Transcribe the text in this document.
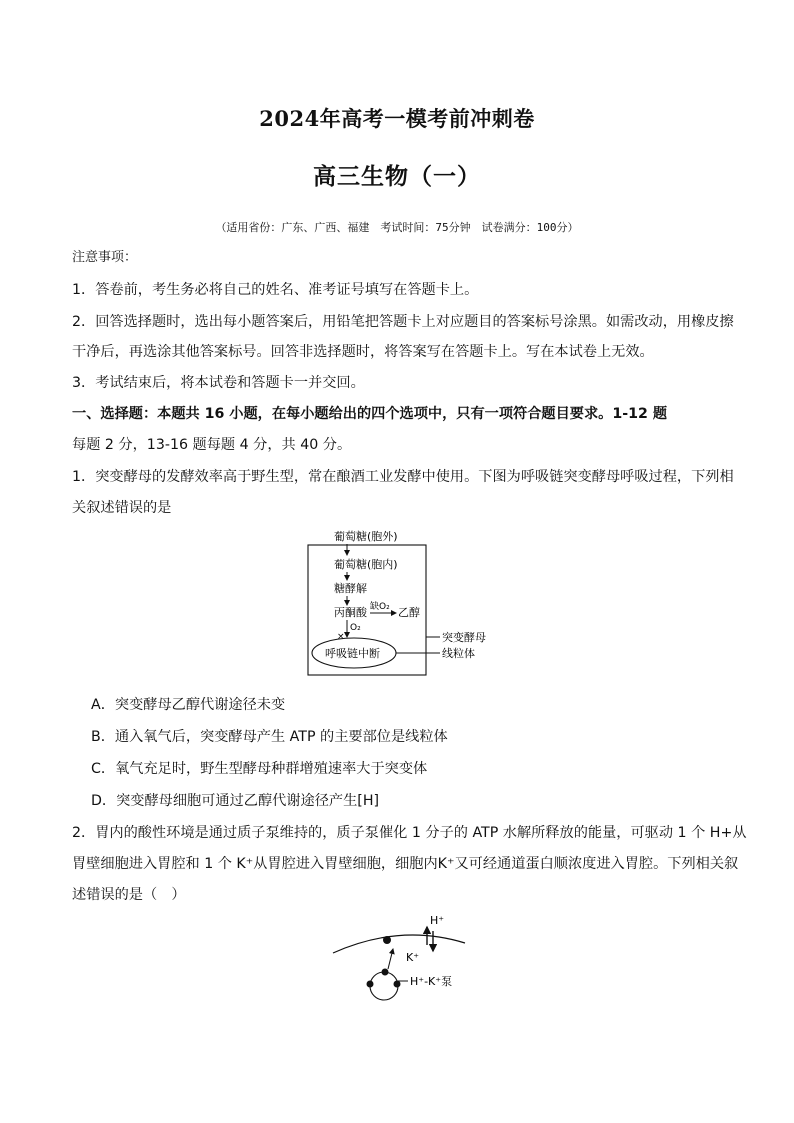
2024年高考一模考前冲刺卷
高三生物（一）
（适用省份：广东、广西、福建　考试时间：75分钟　试卷满分：100分）
注意事项：
1．答卷前，考生务必将自己的姓名、准考证号填写在答题卡上。
2．回答选择题时，选出每小题答案后，用铅笔把答题卡上对应题目的答案标号涂黑。如需改动，用橡皮擦
干净后，再选涂其他答案标号。回答非选择题时，将答案写在答题卡上。写在本试卷上无效。
3．考试结束后，将本试卷和答题卡一并交回。
一、选择题：本题共 16 小题，在每小题给出的四个选项中，只有一项符合题目要求。1-12 题
每题 2 分，13-16 题每题 4 分，共 40 分。
1．突变酵母的发酵效率高于野生型，常在酿酒工业发酵中使用。下图为呼吸链突变酵母呼吸过程，下列相
关叙述错误的是
葡萄糖(胞外)
葡萄糖(胞内)
糖酵解
丙酮酸 缺O₂ 乙醇
O₂
×
呼吸链中断
突变酵母
线粒体
A．突变酵母乙醇代谢途径未变
B．通入氧气后，突变酵母产生 ATP 的主要部位是线粒体
C．氧气充足时，野生型酵母种群增殖速率大于突变体
D．突变酵母细胞可通过乙醇代谢途径产生[H]
2．胃内的酸性环境是通过质子泵维持的，质子泵催化 1 分子的 ATP 水解所释放的能量，可驱动 1 个 H+从
胃壁细胞进入胃腔和 1 个 K⁺从胃腔进入胃壁细胞，细胞内K⁺又可经通道蛋白顺浓度进入胃腔。下列相关叙
述错误的是（　）
H⁺
K⁺
H⁺-K⁺泵
